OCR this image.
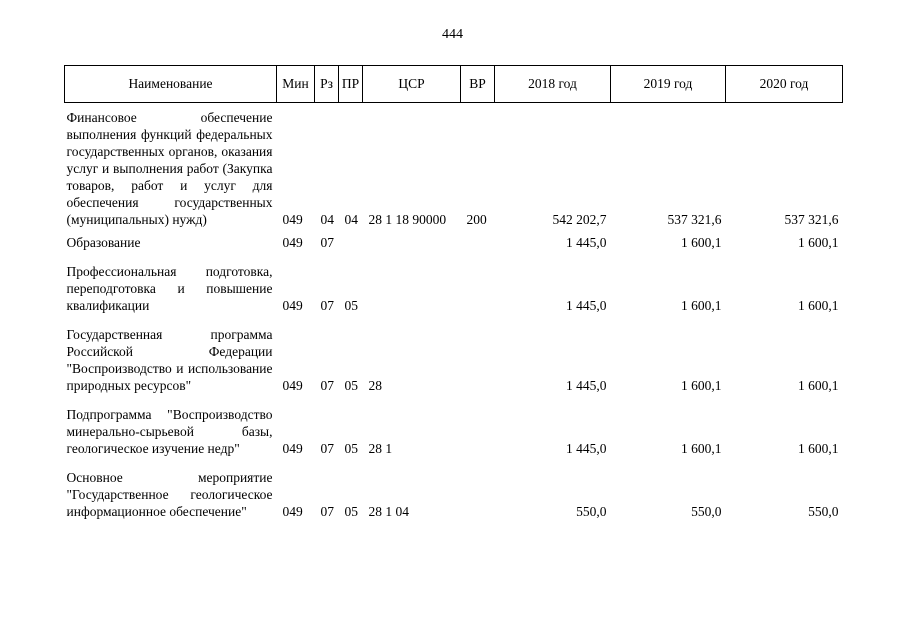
444
Наименование	Мин	Рз	ПР	ЦСР	ВР	2018 год	2019 год	2020 год

Финансовое обеспечение выполнения функций федеральных государственных органов, оказания услуг и выполнения работ (Закупка товаров, работ и услуг для обеспечения государственных (муниципальных) нужд)	049	04	04	28 1 18 90000	200	542 202,7	537 321,6	537 321,6

Образование	049	07				1 445,0	1 600,1	1 600,1

Профессиональная подготовка, переподготовка и повышение квалификации	049	07	05			1 445,0	1 600,1	1 600,1

Государственная программа Российской Федерации "Воспроизводство и использование природных ресурсов"	049	07	05	28		1 445,0	1 600,1	1 600,1

Подпрограмма "Воспроизводство минерально-сырьевой базы, геологическое изучение недр"	049	07	05	28 1		1 445,0	1 600,1	1 600,1

Основное мероприятие "Государственное геологическое информационное обеспечение"	049	07	05	28 1 04		550,0	550,0	550,0
